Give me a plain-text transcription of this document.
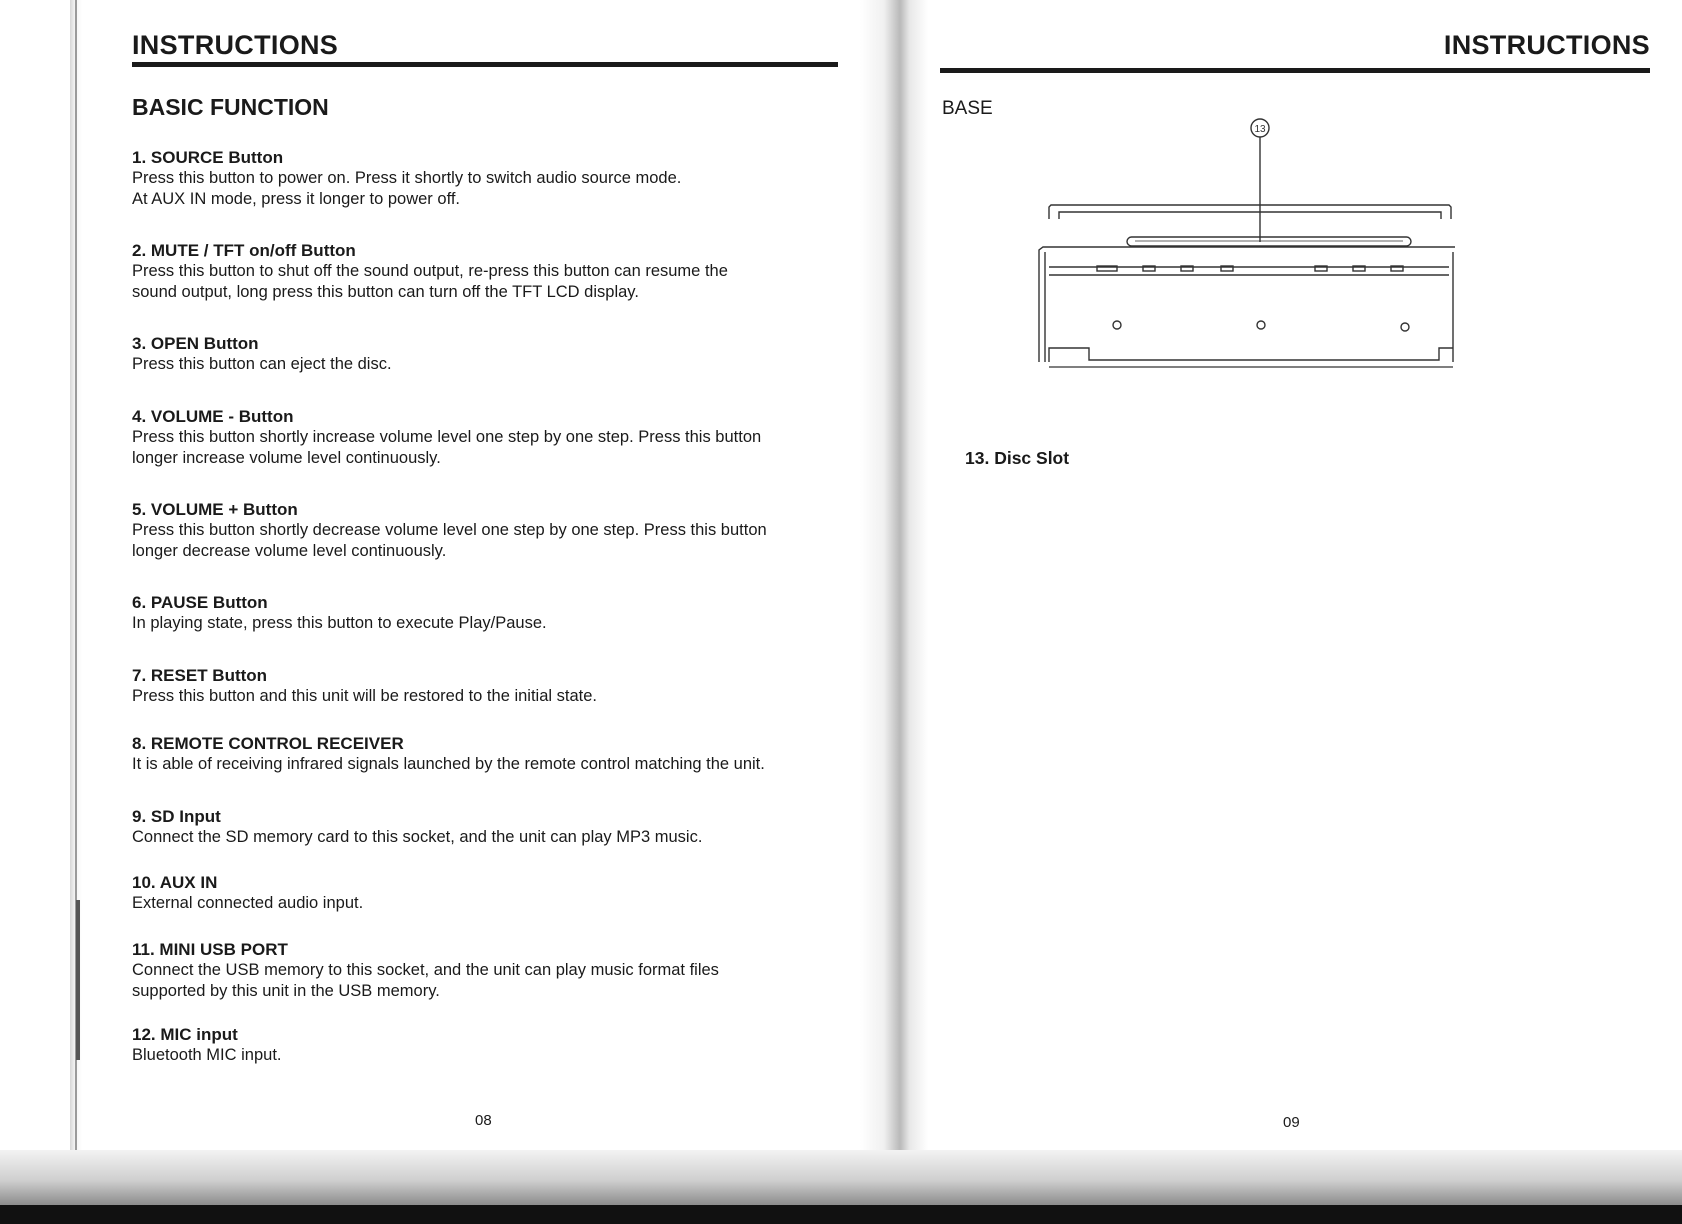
INSTRUCTIONS
BASIC FUNCTION
1. SOURCE Button

Press this button to power on. Press it shortly to switch audio source mode.
At AUX IN mode, press it longer to power off.

2. MUTE / TFT on/off Button

Press this button to shut off the sound output, re-press this button can resume the
sound output, long press this button can turn off the TFT LCD display.

3. OPEN Button

Press this button can eject the disc.

4. VOLUME - Button

Press this button shortly increase volume level one step by one step. Press this button
longer increase volume level continuously.

5. VOLUME + Button

Press this button shortly decrease volume level one step by one step. Press this button
longer decrease volume level continuously.

6. PAUSE Button

In playing state, press this button to execute Play/Pause.

7. RESET Button

Press this button and this unit will be restored to the initial state.

8. REMOTE CONTROL RECEIVER

It is able of receiving infrared signals launched by the remote control matching the unit.

9. SD Input

Connect the SD memory card to this socket, and the unit can play MP3 music.

10. AUX IN

External connected audio input.

11. MINI USB PORT

Connect the USB memory to this socket, and the unit can play music format files
supported by this unit in the USB memory.

12. MIC input

Bluetooth MIC input.

08
INSTRUCTIONS

BASE

13

13. Disc Slot

09
